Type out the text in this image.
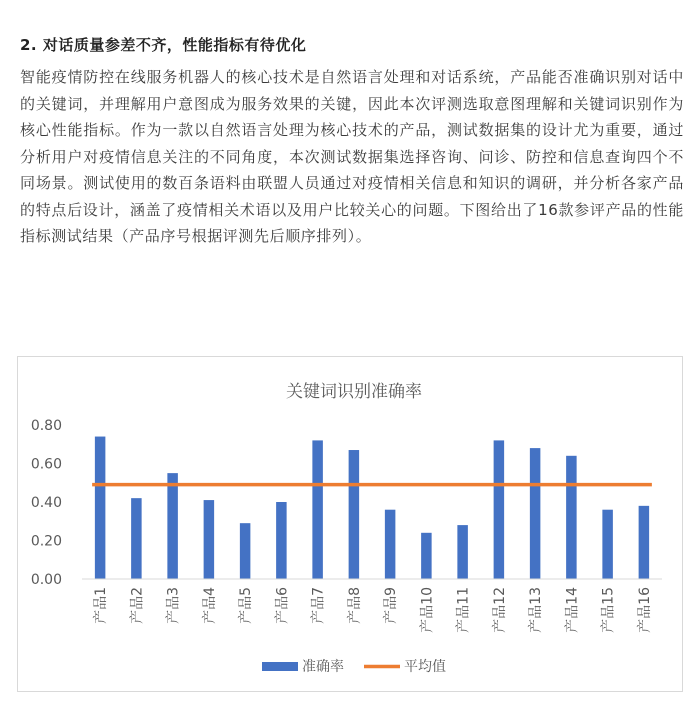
2. 对话质量参差不齐，性能指标有待优化
智能疫情防控在线服务机器人的核心技术是自然语言处理和对话系统，产品能否准确识别对话中的关键词，并理解用户意图成为服务效果的关键，因此本次评测选取意图理解和关键词识别作为核心性能指标。作为一款以自然语言处理为核心技术的产品，测试数据集的设计尤为重要，通过分析用户对疫情信息关注的不同角度，本次测试数据集选择咨询、问诊、防控和信息查询四个不同场景。测试使用的数百条语料由联盟人员通过对疫情相关信息和知识的调研，并分析各家产品的特点后设计，涵盖了疫情相关术语以及用户比较关心的问题。下图给出了16款参评产品的性能指标测试结果（产品序号根据评测先后顺序排列）。
关键词识别准确率
0.00
0.20
0.40
0.60
0.80
产品1 产品2 产品3 产品4 产品5 产品6 产品7 产品8 产品9 产品10 产品11 产品12 产品13 产品14 产品15 产品16
准确率	平均值
